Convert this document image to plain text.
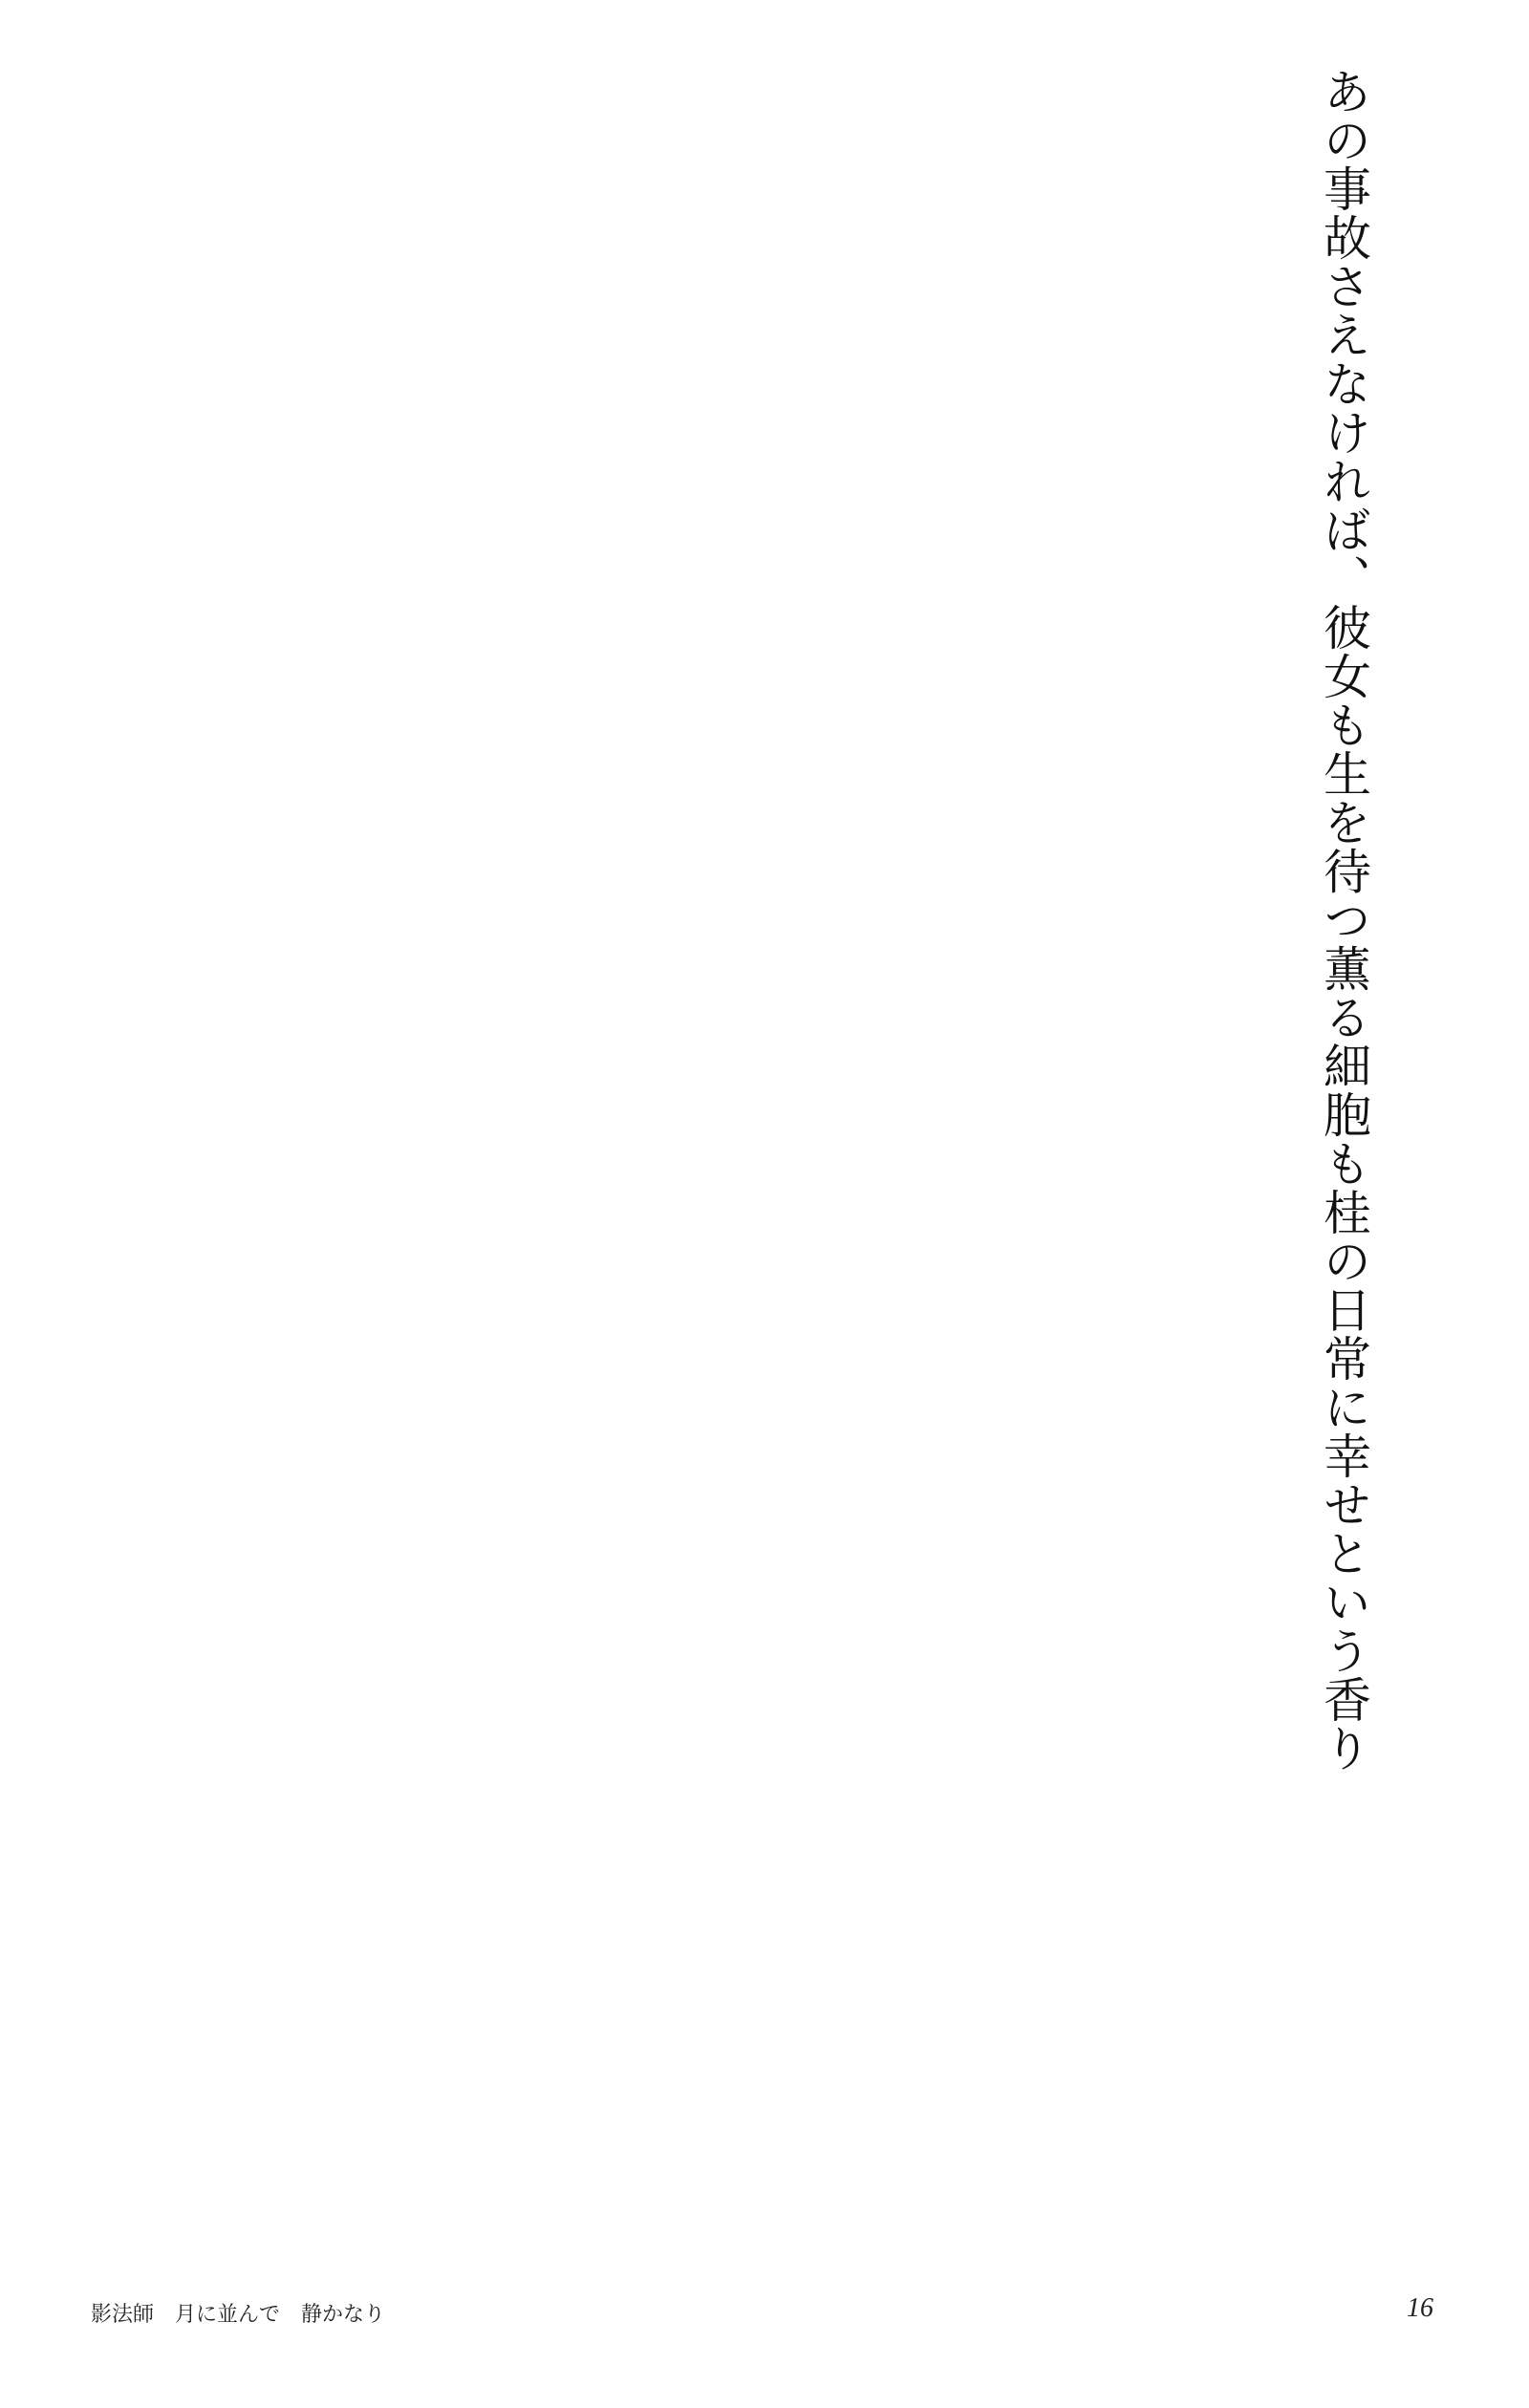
あの事故さえなければ、彼女も生を待つ薫る細胞も桂の日常に幸せという香り
影法師　月に並んで　静かなり	16
